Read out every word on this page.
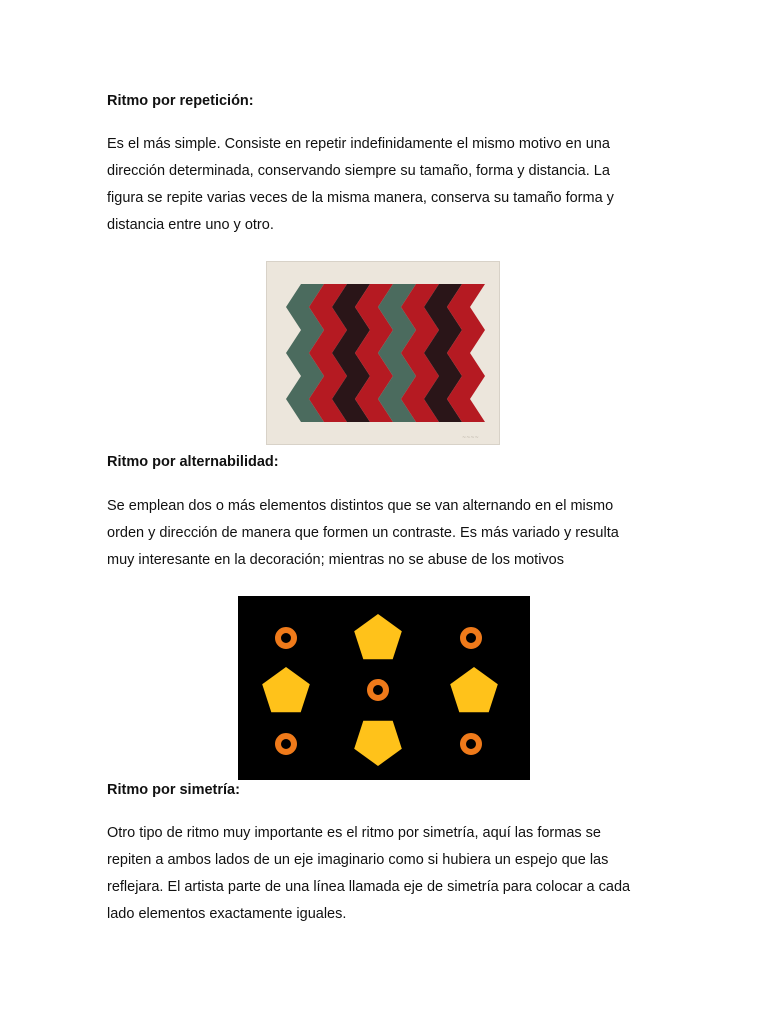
Ritmo por repetición:

Es el más simple. Consiste en repetir indefinidamente el mismo motivo en una
dirección determinada, conservando siempre su tamaño, forma y distancia. La
figura se repite varias veces de la misma manera, conserva su tamaño forma y
distancia entre uno y otro.

~~~~
Ritmo por alternabilidad:

Se emplean dos o más elementos distintos que se van alternando en el mismo
orden y dirección de manera que formen un contraste. Es más variado y resulta
muy interesante en la decoración; mientras no se abuse de los motivos

Ritmo por simetría:

Otro tipo de ritmo muy importante es el ritmo por simetría, aquí las formas se
repiten a ambos lados de un eje imaginario como si hubiera un espejo que las
reflejara. El artista parte de una línea llamada eje de simetría para colocar a cada
lado elementos exactamente iguales.
